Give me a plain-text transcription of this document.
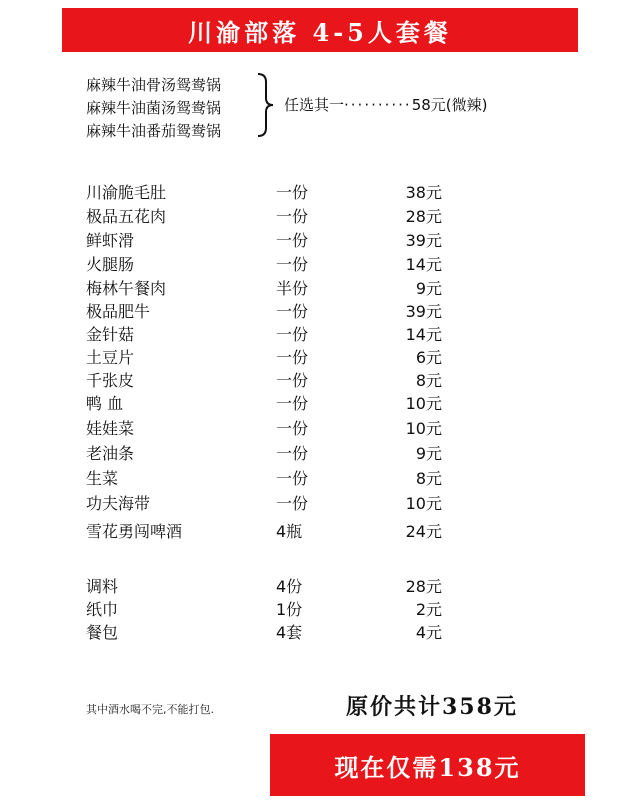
川渝部落 4-5人套餐
麻辣牛油骨汤鸳鸯锅
麻辣牛油菌汤鸳鸯锅
麻辣牛油番茄鸳鸯锅
任选其一··········58元(微辣)
川渝脆毛肚	一份	38元
极品五花肉	一份	28元
鲜虾滑	一份	39元
火腿肠	一份	14元
梅林午餐肉	半份	9元
极品肥牛	一份	39元
金针菇	一份	14元
土豆片	一份	6元
千张皮	一份	8元
鸭 血	一份	10元
娃娃菜	一份	10元
老油条	一份	9元
生菜	一份	8元
功夫海带	一份	10元
雪花勇闯啤酒	4瓶	24元
调料	4份	28元
纸巾	1份	2元
餐包	4套	4元
其中酒水喝不完,不能打包.	原价共计358元
现在仅需138元
